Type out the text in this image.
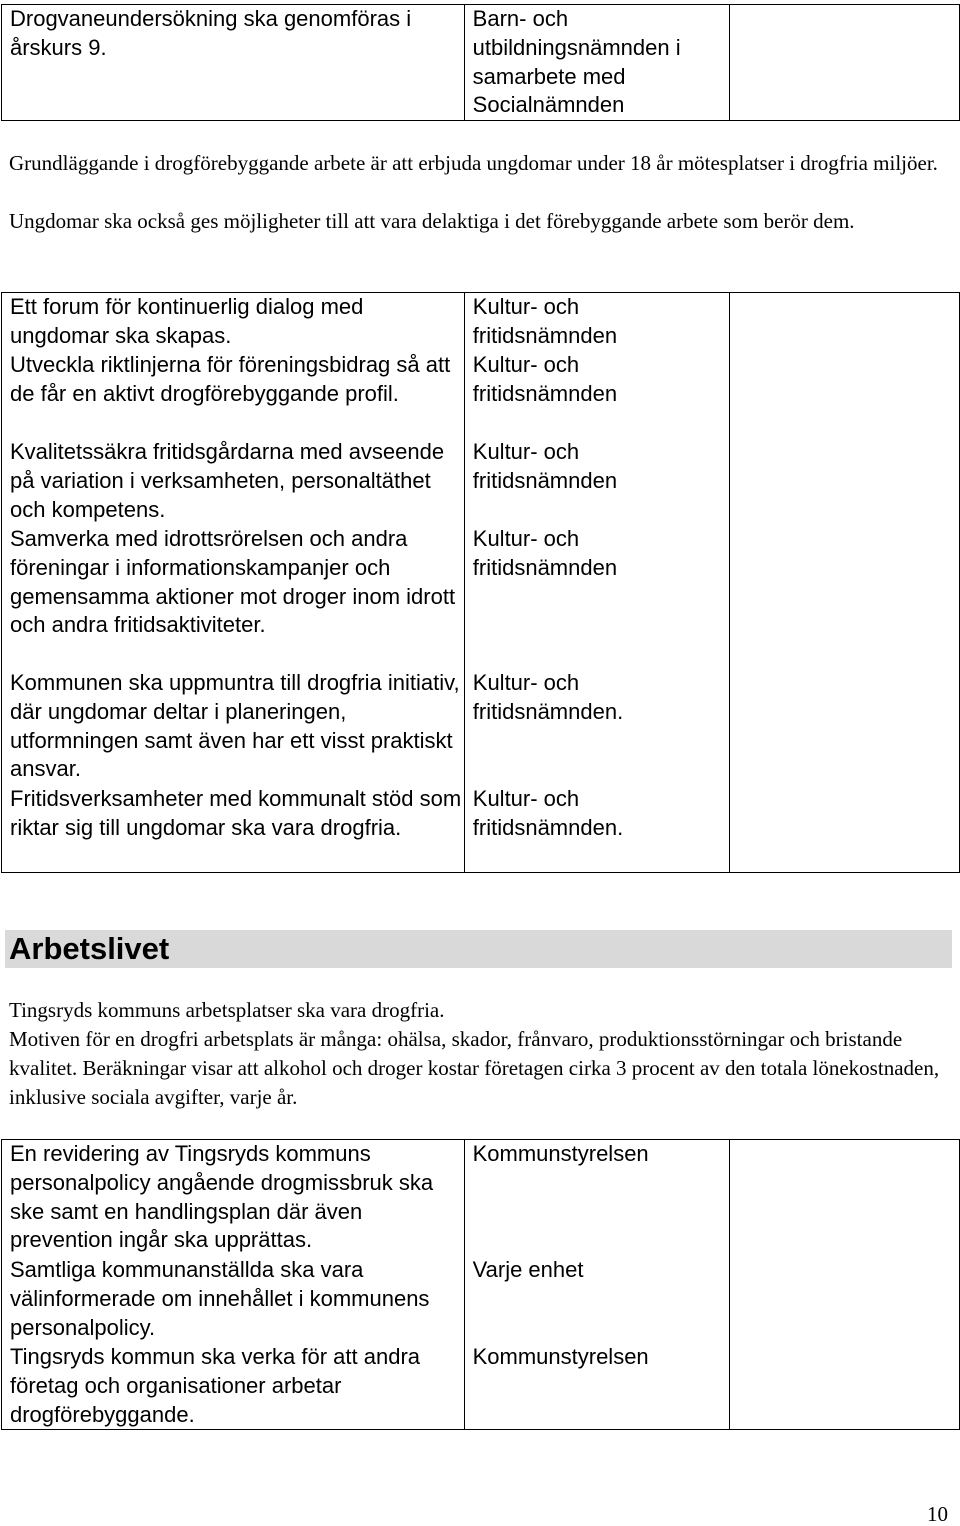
Drogvaneundersökning ska genomföras i årskurs 9.	Barn- och utbildningsnämnden i samarbete med Socialnämnden	

Grundläggande i drogförebyggande arbete är att erbjuda ungdomar under 18 år mötesplatser i drogfria miljöer.

Ungdomar ska också ges möjligheter till att vara delaktiga i det förebyggande arbete som berör dem.

Ett forum för kontinuerlig dialog med ungdomar ska skapas.	Kultur- och fritidsnämnden	
Utveckla riktlinjerna för föreningsbidrag så att de får en aktivt drogförebyggande profil.	Kultur- och fritidsnämnden	
Kvalitetssäkra fritidsgårdarna med avseende på variation i verksamheten, personaltäthet och kompetens.	Kultur- och fritidsnämnden	
Samverka med idrottsrörelsen och andra föreningar i informationskampanjer och gemensamma aktioner mot droger inom idrott och andra fritidsaktiviteter.	Kultur- och fritidsnämnden	
Kommunen ska uppmuntra till drogfria initiativ, där ungdomar deltar i planeringen, utformningen samt även har ett visst praktiskt ansvar.	Kultur- och fritidsnämnden.	
Fritidsverksamheter med kommunalt stöd som riktar sig till ungdomar ska vara drogfria.	Kultur- och fritidsnämnden.	
Arbetslivet

Tingsryds kommuns arbetsplatser ska vara drogfria.

Motiven för en drogfri arbetsplats är många: ohälsa, skador, frånvaro, produktionsstörningar och bristande kvalitet. Beräkningar visar att alkohol och droger kostar företagen cirka 3 procent av den totala lönekostnaden, inklusive sociala avgifter, varje år.

En revidering av Tingsryds kommuns personalpolicy angående drogmissbruk ska ske samt en handlingsplan där även prevention ingår ska upprättas.	Kommunstyrelsen	
Samtliga kommunanställda ska vara välinformerade om innehållet i kommunens personalpolicy.	Varje enhet	
Tingsryds kommun ska verka för att andra företag och organisationer arbetar drogförebyggande.	Kommunstyrelsen	
10
